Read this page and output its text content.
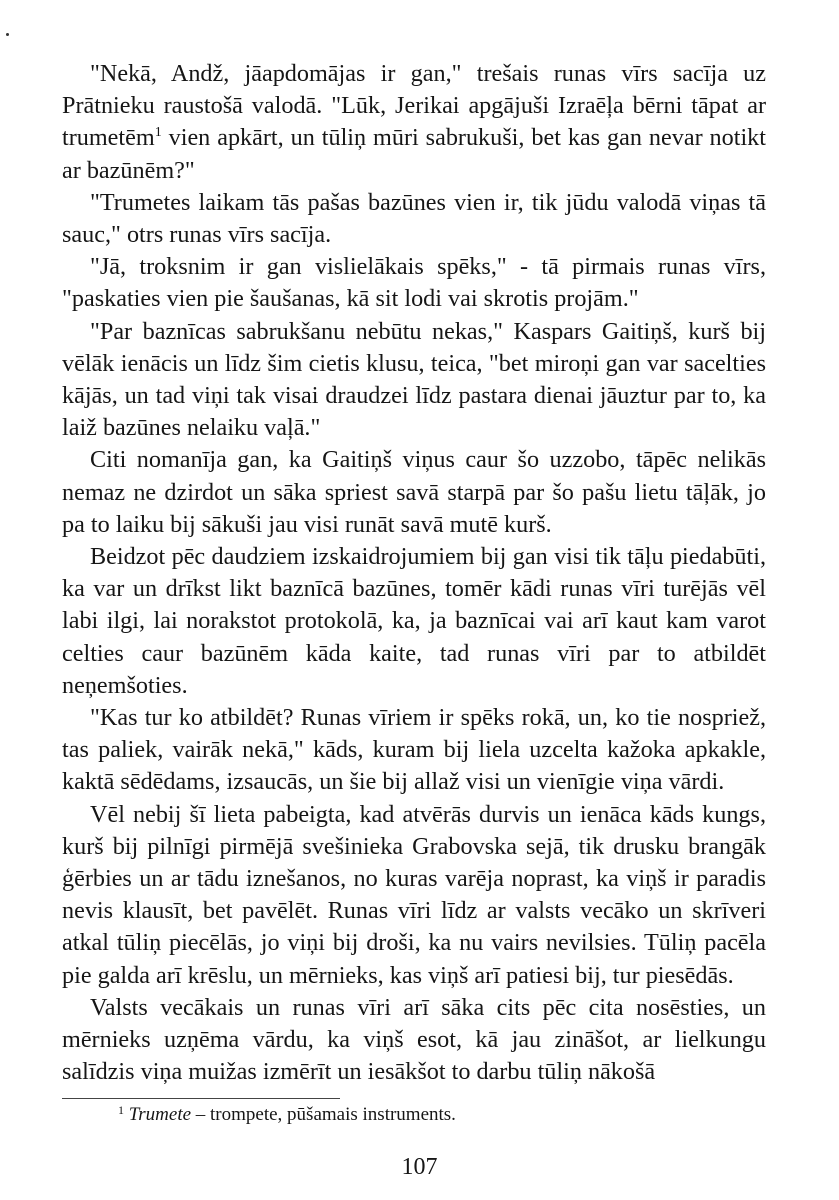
"Nekā, Andž, jāapdomājas ir gan," trešais runas vīrs sacīja uz Prātnieku raustošā valodā. "Lūk, Jerikai apgājuši Izraēļa bērni tāpat ar trumetēm$^1$ vien apkārt, un tūliņ mūri sabrukuši, bet kas gan nevar notikt ar bazūnēm?"

"Trumetes laikam tās pašas bazūnes vien ir, tik jūdu valodā viņas tā sauc," otrs runas vīrs sacīja.

"Jā, troksnim ir gan vislielākais spēks," - tā pirmais runas vīrs, "paskaties vien pie šaušanas, kā sit lodi vai skrotis projām."

"Par baznīcas sabrukšanu nebūtu nekas," Kaspars Gaitiņš, kurš bij vēlāk ienācis un līdz šim cietis klusu, teica, "bet miroņi gan var sacelties kājās, un tad viņi tak visai draudzei līdz pastara dienai jāuztur par to, ka laiž bazūnes nelaiku vaļā."

Citi nomanīja gan, ka Gaitiņš viņus caur šo uzzobo, tāpēc nelikās nemaz ne dzirdot un sāka spriest savā starpā par šo pašu lietu tāļāk, jo pa to laiku bij sākuši jau visi runāt savā mutē kurš.

Beidzot pēc daudziem izskaidrojumiem bij gan visi tik tāļu piedabūti, ka var un drīkst likt baznīcā bazūnes, tomēr kādi runas vīri turējās vēl labi ilgi, lai norakstot protokolā, ka, ja baznīcai vai arī kaut kam varot celties caur bazūnēm kāda kaite, tad runas vīri par to atbildēt neņemšoties.

"Kas tur ko atbildēt? Runas vīriem ir spēks rokā, un, ko tie nospriež, tas paliek, vairāk nekā," kāds, kuram bij liela uzcelta kažoka apkakle, kaktā sēdēdams, izsaucās, un šie bij allaž visi un vienīgie viņa vārdi.

Vēl nebij šī lieta pabeigta, kad atvērās durvis un ienāca kāds kungs, kurš bij pilnīgi pirmējā svešinieka Grabovska sejā, tik drusku brangāk ģērbies un ar tādu iznešanos, no kuras varēja noprast, ka viņš ir paradis nevis klausīt, bet pavēlēt. Runas vīri līdz ar valsts vecāko un skrīveri atkal tūliņ piecēlās, jo viņi bij droši, ka nu vairs nevilsies. Tūliņ pacēla pie galda arī krēslu, un mērnieks, kas viņš arī patiesi bij, tur piesēdās.

Valsts vecākais un runas vīri arī sāka cits pēc cita nosēsties, un mērnieks uzņēma vārdu, ka viņš esot, kā jau zināšot, ar lielkungu salīdzis viņa muižas izmērīt un iesākšot to darbu tūliņ nākošā

$^1$ Trumete – trompete, pūšamais instruments.

107
